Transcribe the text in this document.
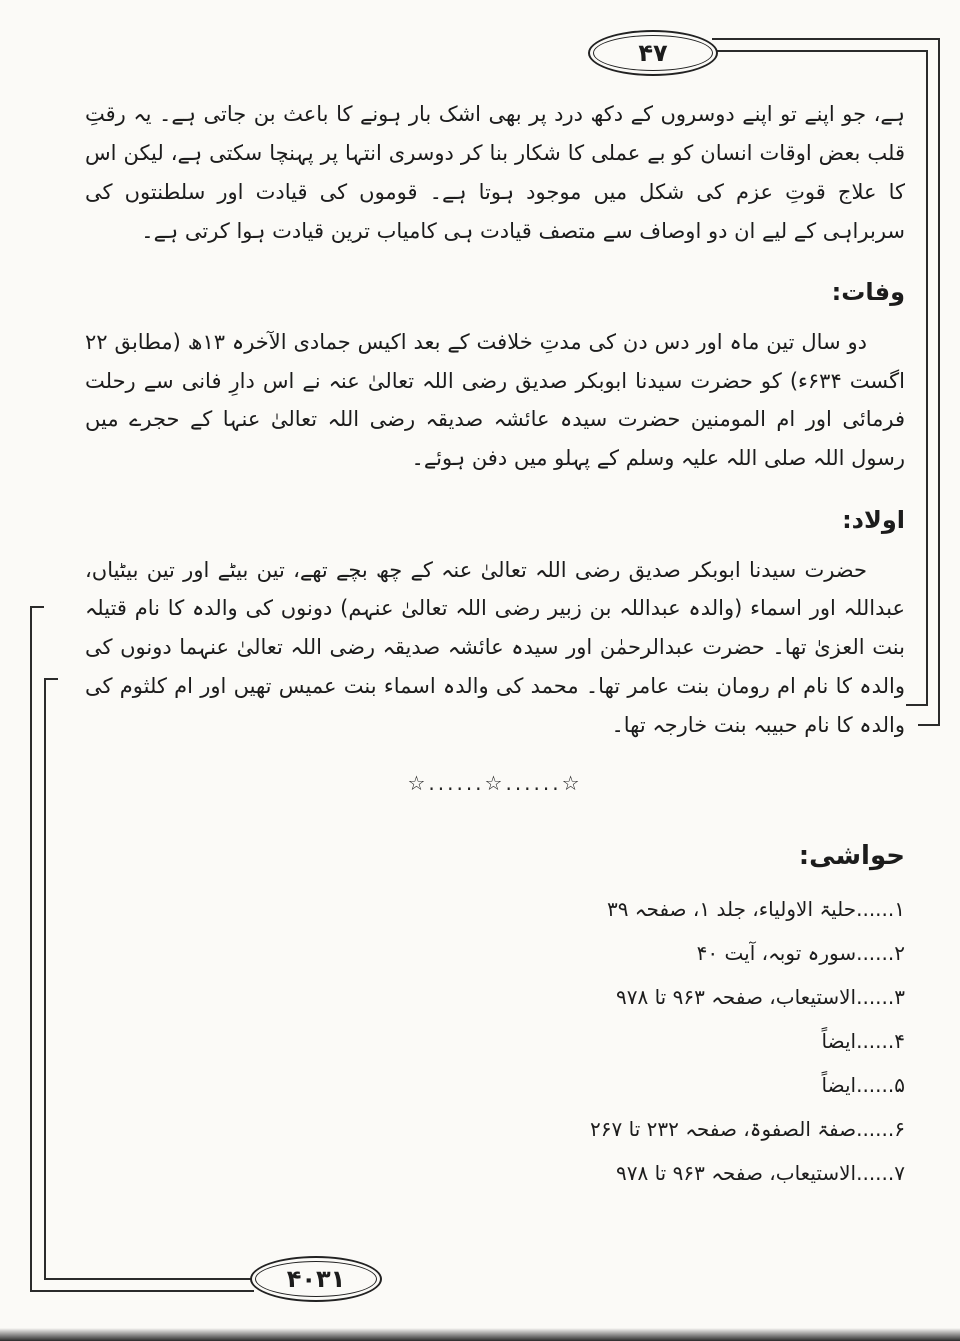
۴۷
۴۰۳۱

ہے، جو اپنے تو اپنے دوسروں کے دکھ درد پر بھی اشک بار ہونے کا باعث بن جاتی ہے۔ یہ رقتِ قلب بعض اوقات انسان کو بے عملی کا شکار بنا کر دوسری انتہا پر پہنچا سکتی ہے، لیکن اس کا علاج قوتِ عزم کی شکل میں موجود ہوتا ہے۔ قوموں کی قیادت اور سلطنتوں کی سربراہی کے لیے ان دو اوصاف سے متصف قیادت ہی کامیاب ترین قیادت ہوا کرتی ہے۔

وفات:

دو سال تین ماہ اور دس دن کی مدتِ خلافت کے بعد اکیس جمادی الآخرہ ۱۳ھ (مطابق ۲۲ اگست ۶۳۴ء) کو حضرت سیدنا ابوبکر صدیق رضی اللہ تعالیٰ عنہ نے اس دارِ فانی سے رحلت فرمائی اور ام المومنین حضرت سیدہ عائشہ صدیقہ رضی اللہ تعالیٰ عنہا کے حجرے میں رسول اللہ صلی اللہ علیہ وسلم کے پہلو میں دفن ہوئے۔

اولاد:

حضرت سیدنا ابوبکر صدیق رضی اللہ تعالیٰ عنہ کے چھ بچے تھے، تین بیٹے اور تین بیٹیاں، عبداللہ اور اسماء (والدہ عبداللہ بن زبیر رضی اللہ تعالیٰ عنہم) دونوں کی والدہ کا نام قتیلہ بنت العزیٰ تھا۔ حضرت عبدالرحمٰن اور سیدہ عائشہ صدیقہ رضی اللہ تعالیٰ عنہما دونوں کی والدہ کا نام ام رومان بنت عامر تھا۔ محمد کی والدہ اسماء بنت عمیس تھیں اور ام کلثوم کی والدہ کا نام حبیبہ بنت خارجہ تھا۔

☆......☆......☆
حواشی:
۱......حلیۃ الاولیاء، جلد ۱، صفحہ ۳۹
۲......سورہ توبہ، آیت ۴۰
۳......الاستیعاب، صفحہ ۹۶۳ تا ۹۷۸
۴......ایضاً
۵......ایضاً
۶......صفۃ الصفوۃ، صفحہ ۲۳۲ تا ۲۶۷
۷......الاستیعاب، صفحہ ۹۶۳ تا ۹۷۸
